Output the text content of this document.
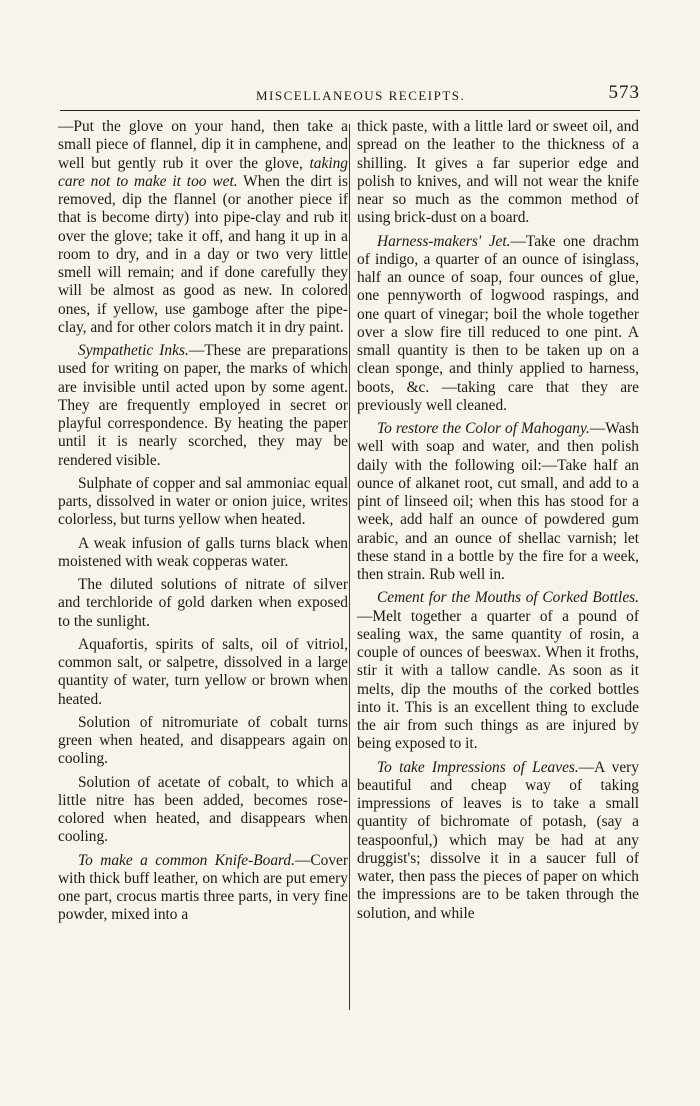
MISCELLANEOUS RECEIPTS.	573

—Put the glove on your hand, then take a small piece of flannel, dip it in camphene, and well but gently rub it over the glove, taking care not to make it too wet. When the dirt is removed, dip the flannel (or another piece if that is become dirty) into pipe-clay and rub it over the glove; take it off, and hang it up in a room to dry, and in a day or two very little smell will remain; and if done carefully they will be almost as good as new. In colored ones, if yellow, use gamboge after the pipe-clay, and for other colors match it in dry paint.

Sympathetic Inks.—These are preparations used for writing on paper, the marks of which are invisible until acted upon by some agent. They are frequently employed in secret or playful correspondence. By heating the paper until it is nearly scorched, they may be rendered visible.

Sulphate of copper and sal ammoniac equal parts, dissolved in water or onion juice, writes colorless, but turns yellow when heated.

A weak infusion of galls turns black when moistened with weak copperas water.

The diluted solutions of nitrate of silver and terchloride of gold darken when exposed to the sunlight.

Aquafortis, spirits of salts, oil of vitriol, common salt, or salpetre, dissolved in a large quantity of water, turn yellow or brown when heated.

Solution of nitromuriate of cobalt turns green when heated, and disappears again on cooling.

Solution of acetate of cobalt, to which a little nitre has been added, becomes rose-colored when heated, and disappears when cooling.

To make a common Knife-Board.—Cover with thick buff leather, on which are put emery one part, crocus martis three parts, in very fine powder, mixed into a

thick paste, with a little lard or sweet oil, and spread on the leather to the thickness of a shilling. It gives a far superior edge and polish to knives, and will not wear the knife near so much as the common method of using brick-dust on a board.

Harness-makers' Jet.—Take one drachm of indigo, a quarter of an ounce of isinglass, half an ounce of soap, four ounces of glue, one pennyworth of logwood raspings, and one quart of vinegar; boil the whole together over a slow fire till reduced to one pint. A small quantity is then to be taken up on a clean sponge, and thinly applied to harness, boots, &c. —taking care that they are previously well cleaned.

To restore the Color of Mahogany.—Wash well with soap and water, and then polish daily with the following oil:—Take half an ounce of alkanet root, cut small, and add to a pint of linseed oil; when this has stood for a week, add half an ounce of powdered gum arabic, and an ounce of shellac varnish; let these stand in a bottle by the fire for a week, then strain. Rub well in.

Cement for the Mouths of Corked Bottles.—Melt together a quarter of a pound of sealing wax, the same quantity of rosin, a couple of ounces of beeswax. When it froths, stir it with a tallow candle. As soon as it melts, dip the mouths of the corked bottles into it. This is an excellent thing to exclude the air from such things as are injured by being exposed to it.

To take Impressions of Leaves.—A very beautiful and cheap way of taking impressions of leaves is to take a small quantity of bichromate of potash, (say a teaspoonful,) which may be had at any druggist's; dissolve it in a saucer full of water, then pass the pieces of paper on which the impressions are to be taken through the solution, and while
